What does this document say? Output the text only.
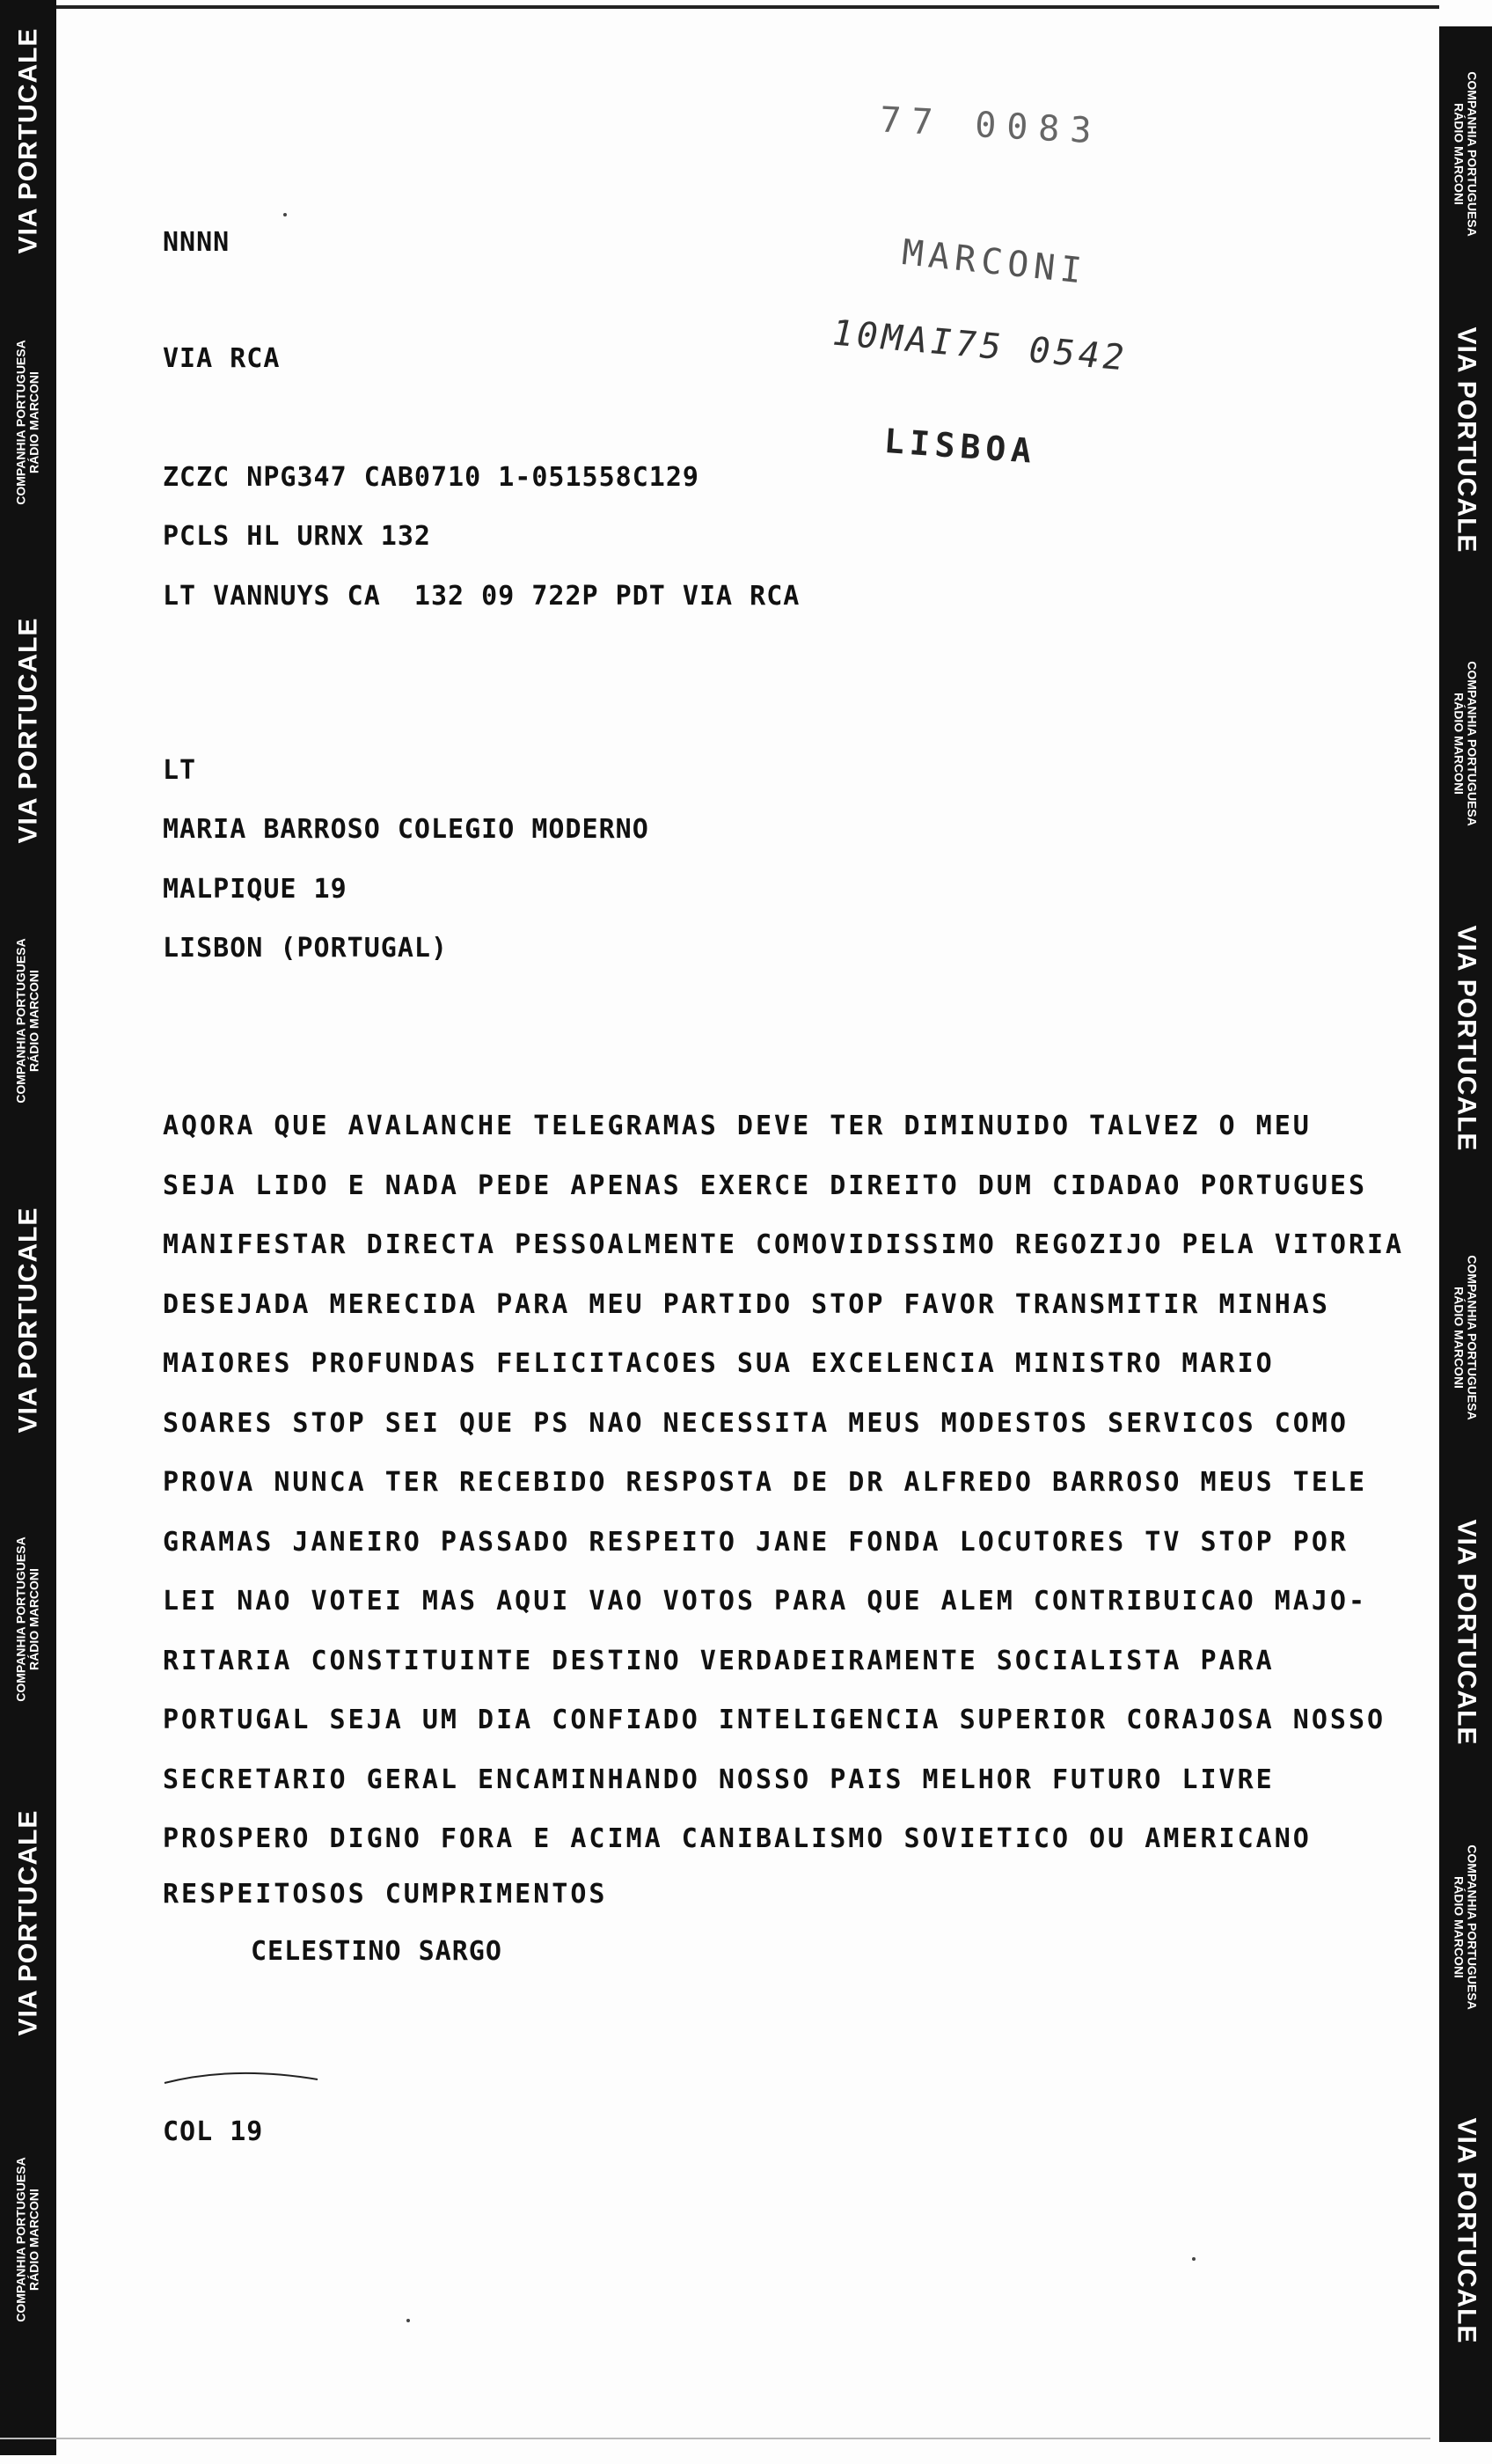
VIA PORTUCALE
COMPANHIA PORTUGUESA
RÁDIO MARCONI
VIA PORTUCALE
COMPANHIA PORTUGUESA
RÁDIO MARCONI
VIA PORTUCALE
COMPANHIA PORTUGUESA
RÁDIO MARCONI
VIA PORTUCALE
COMPANHIA PORTUGUESA
RÁDIO MARCONI
COMPANHIA PORTUGUESA
RÁDIO MARCONI
VIA PORTUCALE
COMPANHIA PORTUGUESA
RÁDIO MARCONI
VIA PORTUCALE
COMPANHIA PORTUGUESA
RÁDIO MARCONI
VIA PORTUCALE
COMPANHIA PORTUGUESA
RÁDIO MARCONI
VIA PORTUCALE
77 0083
MARCONI
10MAI75 0542
LISBOA
NNNN
VIA RCA
ZCZC NPG347 CAB0710 1-051558C129
PCLS HL URNX 132
LT VANNUYS CA  132 09 722P PDT VIA RCA
LT
MARIA BARROSO COLEGIO MODERNO
MALPIQUE 19
LISBON (PORTUGAL)
AQORA QUE AVALANCHE TELEGRAMAS DEVE TER DIMINUIDO TALVEZ O MEU
SEJA LIDO E NADA PEDE APENAS EXERCE DIREITO DUM CIDADAO PORTUGUES
MANIFESTAR DIRECTA PESSOALMENTE COMOVIDISSIMO REGOZIJO PELA VITORIA
DESEJADA MERECIDA PARA MEU PARTIDO STOP FAVOR TRANSMITIR MINHAS
MAIORES PROFUNDAS FELICITACOES SUA EXCELENCIA MINISTRO MARIO
SOARES STOP SEI QUE PS NAO NECESSITA MEUS MODESTOS SERVICOS COMO
PROVA NUNCA TER RECEBIDO RESPOSTA DE DR ALFREDO BARROSO MEUS TELE
GRAMAS JANEIRO PASSADO RESPEITO JANE FONDA LOCUTORES TV STOP POR
LEI NAO VOTEI MAS AQUI VAO VOTOS PARA QUE ALEM CONTRIBUICAO MAJO-
RITARIA CONSTITUINTE DESTINO VERDADEIRAMENTE SOCIALISTA PARA
PORTUGAL SEJA UM DIA CONFIADO INTELIGENCIA SUPERIOR CORAJOSA NOSSO
SECRETARIO GERAL ENCAMINHANDO NOSSO PAIS MELHOR FUTURO LIVRE
PROSPERO DIGNO FORA E ACIMA CANIBALISMO SOVIETICO OU AMERICANO
RESPEITOSOS CUMPRIMENTOS
CELESTINO SARGO
COL 19
